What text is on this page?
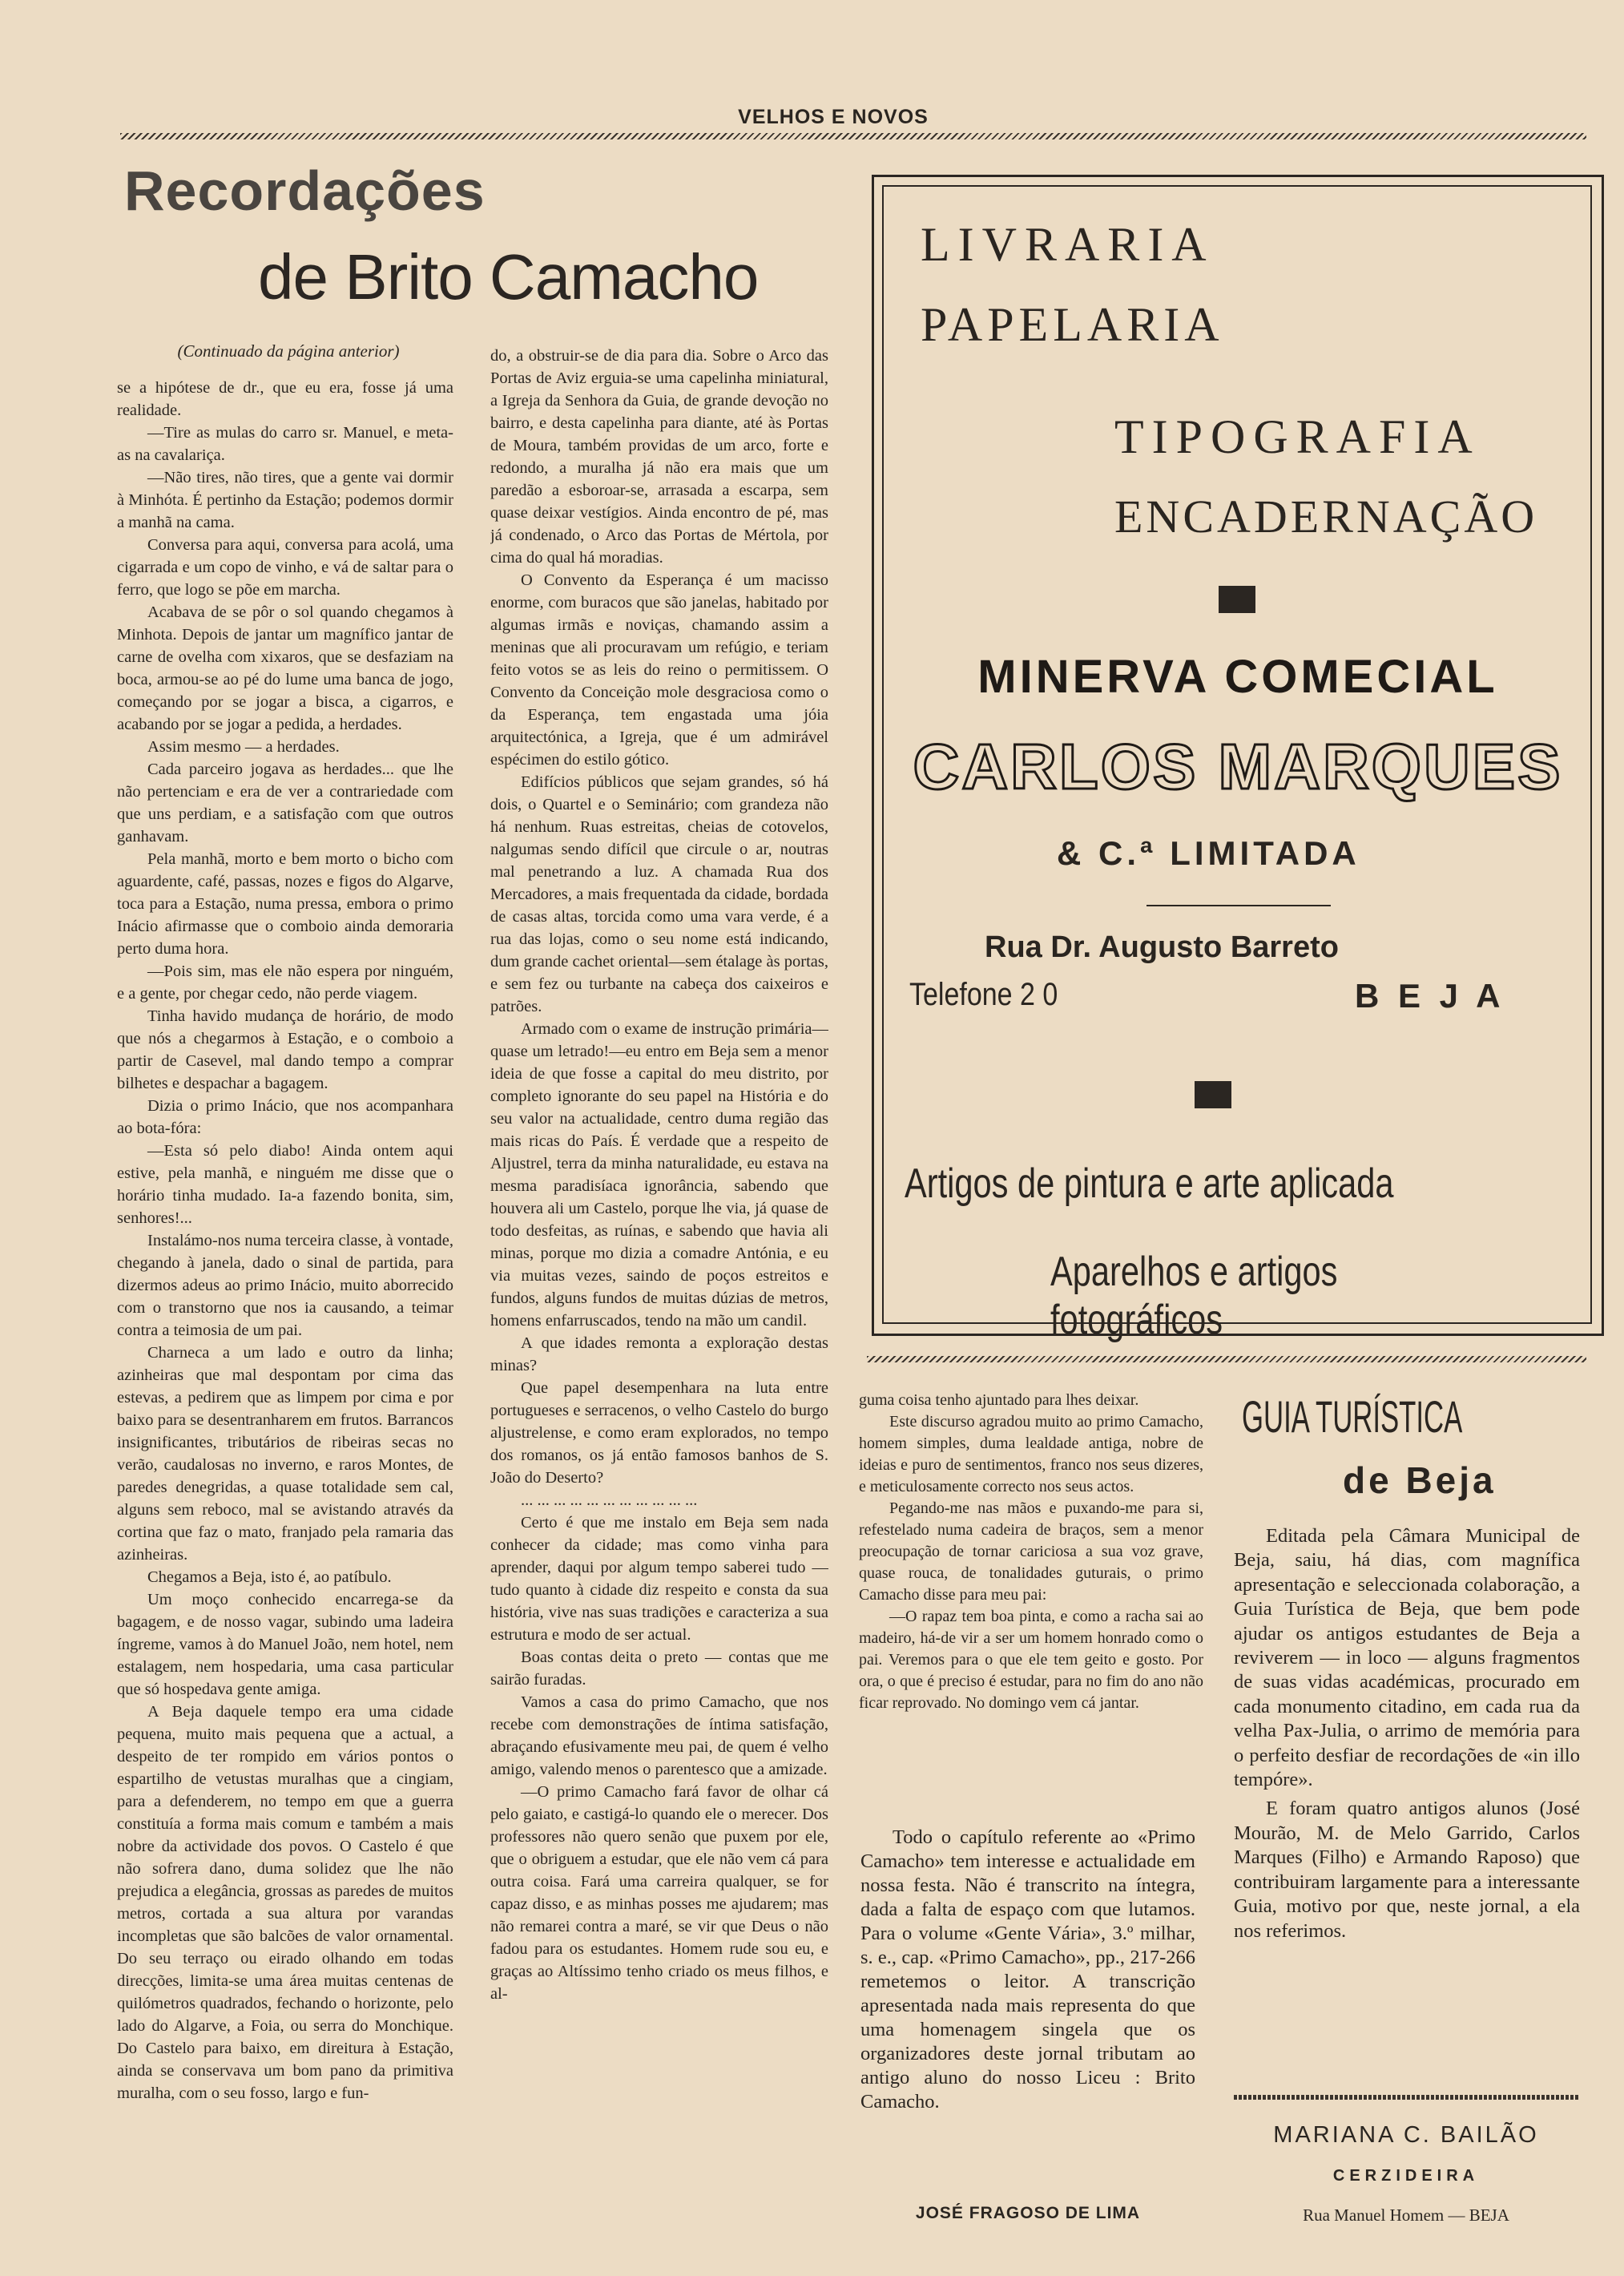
VELHOS E NOVOS
Recordações
de Brito Camacho
(Continuado da página anterior)

se a hipótese de dr., que eu era, fosse já uma realidade.

—Tire as mulas do carro sr. Manuel, e meta-as na cavalariça.

—Não tires, não tires, que a gente vai dormir à Minhóta. É pertinho da Estação; podemos dormir a manhã na cama.

Conversa para aqui, conversa para acolá, uma cigarrada e um copo de vinho, e vá de saltar para o ferro, que logo se põe em marcha.

Acabava de se pôr o sol quando chegamos à Minhota. Depois de jantar um magnífico jantar de carne de ovelha com xixaros, que se desfaziam na boca, armou-se ao pé do lume uma banca de jogo, começando por se jogar a bisca, a cigarros, e acabando por se jogar a pedida, a herdades.

Assim mesmo — a herdades.

Cada parceiro jogava as herdades... que lhe não pertenciam e era de ver a contrariedade com que uns perdiam, e a satisfação com que outros ganhavam.

Pela manhã, morto e bem morto o bicho com aguardente, café, passas, nozes e figos do Algarve, toca para a Estação, numa pressa, embora o primo Inácio afirmasse que o comboio ainda demoraria perto duma hora.

—Pois sim, mas ele não espera por ninguém, e a gente, por chegar cedo, não perde viagem.

Tinha havido mudança de horário, de modo que nós a chegarmos à Estação, e o comboio a partir de Casevel, mal dando tempo a comprar bilhetes e despachar a bagagem.

Dizia o primo Inácio, que nos acompanhara ao bota-fóra:

—Esta só pelo diabo! Ainda ontem aqui estive, pela manhã, e ninguém me disse que o horário tinha mudado. Ia-a fazendo bonita, sim, senhores!...

Instalámo-nos numa terceira classe, à vontade, chegando à janela, dado o sinal de partida, para dizermos adeus ao primo Inácio, muito aborrecido com o transtorno que nos ia causando, a teimar contra a teimosia de um pai.

Charneca a um lado e outro da linha; azinheiras que mal despontam por cima das estevas, a pedirem que as limpem por cima e por baixo para se desentranharem em frutos. Barrancos insignificantes, tributários de ribeiras secas no verão, caudalosas no inverno, e raros Montes, de paredes denegridas, a quase totalidade sem cal, alguns sem reboco, mal se avistando através da cortina que faz o mato, franjado pela ramaria das azinheiras.

Chegamos a Beja, isto é, ao patíbulo.

Um moço conhecido encarrega-se da bagagem, e de nosso vagar, subindo uma ladeira íngreme, vamos à do Manuel João, nem hotel, nem estalagem, nem hospedaria, uma casa particular que só hospedava gente amiga.

A Beja daquele tempo era uma cidade pequena, muito mais pequena que a actual, a despeito de ter rompido em vários pontos o espartilho de vetustas muralhas que a cingiam, para a defenderem, no tempo em que a guerra constituía a forma mais comum e também a mais nobre da actividade dos povos. O Castelo é que não sofrera dano, duma solidez que lhe não prejudica a elegância, grossas as paredes de muitos metros, cortada a sua altura por varandas incompletas que são balcões de valor ornamental. Do seu terraço ou eirado olhando em todas direcções, limita-se uma área muitas centenas de quilómetros quadrados, fechando o horizonte, pelo lado do Algarve, a Foia, ou serra do Monchique. Do Castelo para baixo, em direitura à Estação, ainda se conservava um bom pano da primitiva muralha, com o seu fosso, largo e fun-

do, a obstruir-se de dia para dia. Sobre o Arco das Portas de Aviz erguia-se uma capelinha miniatural, a Igreja da Senhora da Guia, de grande devoção no bairro, e desta capelinha para diante, até às Portas de Moura, também providas de um arco, forte e redondo, a muralha já não era mais que um paredão a esboroar-se, arrasada a escarpa, sem quase deixar vestígios. Ainda encontro de pé, mas já condenado, o Arco das Portas de Mértola, por cima do qual há moradias.

O Convento da Esperança é um macisso enorme, com buracos que são janelas, habitado por algumas irmãs e noviças, chamando assim a meninas que ali procuravam um refúgio, e teriam feito votos se as leis do reino o permitissem. O Convento da Conceição mole desgraciosa como o da Esperança, tem engastada uma jóia arquitectónica, a Igreja, que é um admirável espécimen do estilo gótico.

Edifícios públicos que sejam grandes, só há dois, o Quartel e o Seminário; com grandeza não há nenhum. Ruas estreitas, cheias de cotovelos, nalgumas sendo difícil que circule o ar, noutras mal penetrando a luz. A chamada Rua dos Mercadores, a mais frequentada da cidade, bordada de casas altas, torcida como uma vara verde, é a rua das lojas, como o seu nome está indicando, dum grande cachet oriental—sem étalage às portas, e sem fez ou turbante na cabeça dos caixeiros e patrões.

Armado com o exame de instrução primária—quase um letrado!—eu entro em Beja sem a menor ideia de que fosse a capital do meu distrito, por completo ignorante do seu papel na História e do seu valor na actualidade, centro duma região das mais ricas do País. É verdade que a respeito de Aljustrel, terra da minha naturalidade, eu estava na mesma paradisíaca ignorância, sabendo que houvera ali um Castelo, porque lhe via, já quase de todo desfeitas, as ruínas, e sabendo que havia ali minas, porque mo dizia a comadre Antónia, e eu via muitas vezes, saindo de poços estreitos e fundos, alguns fundos de muitas dúzias de metros, homens enfarruscados, tendo na mão um candil.

A que idades remonta a exploração destas minas?

Que papel desempenhara na luta entre portugueses e serracenos, o velho Castelo do burgo aljustrelense, e como eram explorados, no tempo dos romanos, os já então famosos banhos de S. João do Deserto?

... ... ... ... ... ... ... ... ... ... ...

Certo é que me instalo em Beja sem nada conhecer da cidade; mas como vinha para aprender, daqui por algum tempo saberei tudo — tudo quanto à cidade diz respeito e consta da sua história, vive nas suas tradições e caracteriza a sua estrutura e modo de ser actual.

Boas contas deita o preto — contas que me sairão furadas.

Vamos a casa do primo Camacho, que nos recebe com demonstrações de íntima satisfação, abraçando efusivamente meu pai, de quem é velho amigo, valendo menos o parentesco que a amizade.

—O primo Camacho fará favor de olhar cá pelo gaiato, e castigá-lo quando ele o merecer. Dos professores não quero senão que puxem por ele, que o obriguem a estudar, que ele não vem cá para outra coisa. Fará uma carreira qualquer, se for capaz disso, e as minhas posses me ajudarem; mas não remarei contra a maré, se vir que Deus o não fadou para os estudantes. Homem rude sou eu, e graças ao Altíssimo tenho criado os meus filhos, e al-

LIVRARIA
PAPELARIA
TIPOGRAFIA
ENCADERNAÇÃO
MINERVA COMECIAL
CARLOS MARQUES
& C.ª LIMITADA
Rua Dr. Augusto Barreto
Telefone 2 0	B E J A
Artigos de pintura e arte aplicada
Aparelhos e artigos fotográficos

guma coisa tenho ajuntado para lhes deixar.

Este discurso agradou muito ao primo Camacho, homem simples, duma lealdade antiga, nobre de ideias e puro de sentimentos, franco nos seus dizeres, e meticulosamente correcto nos seus actos.

Pegando-me nas mãos e puxando-me para si, refestelado numa cadeira de braços, sem a menor preocupação de tornar cariciosa a sua voz grave, quase rouca, de tonalidades guturais, o primo Camacho disse para meu pai:

—O rapaz tem boa pinta, e como a racha sai ao madeiro, há-de vir a ser um homem honrado como o pai. Veremos para o que ele tem geito e gosto. Por ora, o que é preciso é estudar, para no fim do ano não ficar reprovado. No domingo vem cá jantar.

Todo o capítulo referente ao «Primo Camacho» tem interesse e actualidade em nossa festa. Não é transcrito na íntegra, dada a falta de espaço com que lutamos. Para o volume «Gente Vária», 3.º milhar, s. e., cap. «Primo Camacho», pp., 217-266 remetemos o leitor. A transcrição apresentada nada mais representa do que uma homenagem singela que os organizadores deste jornal tributam ao antigo aluno do nosso Liceu : Brito Camacho.
JOSÉ FRAGOSO DE LIMA
GUIA TURÍSTICA
de Beja
Editada pela Câmara Municipal de Beja, saiu, há dias, com magnífica apresentação e seleccionada colaboração, a Guia Turística de Beja, que bem pode ajudar os antigos estudantes de Beja a reviverem — in loco — alguns fragmentos de suas vidas académicas, procurado em cada monumento citadino, em cada rua da velha Pax-Julia, o arrimo de memória para o perfeito desfiar de recordações de «in illo tempóre».
E foram quatro antigos alunos (José Mourão, M. de Melo Garrido, Carlos Marques (Filho) e Armando Raposo) que contribuiram largamente para a interessante Guia, motivo por que, neste jornal, a ela nos referimos.
MARIANA C. BAILÃO
CERZIDEIRA
Rua Manuel Homem — BEJA
